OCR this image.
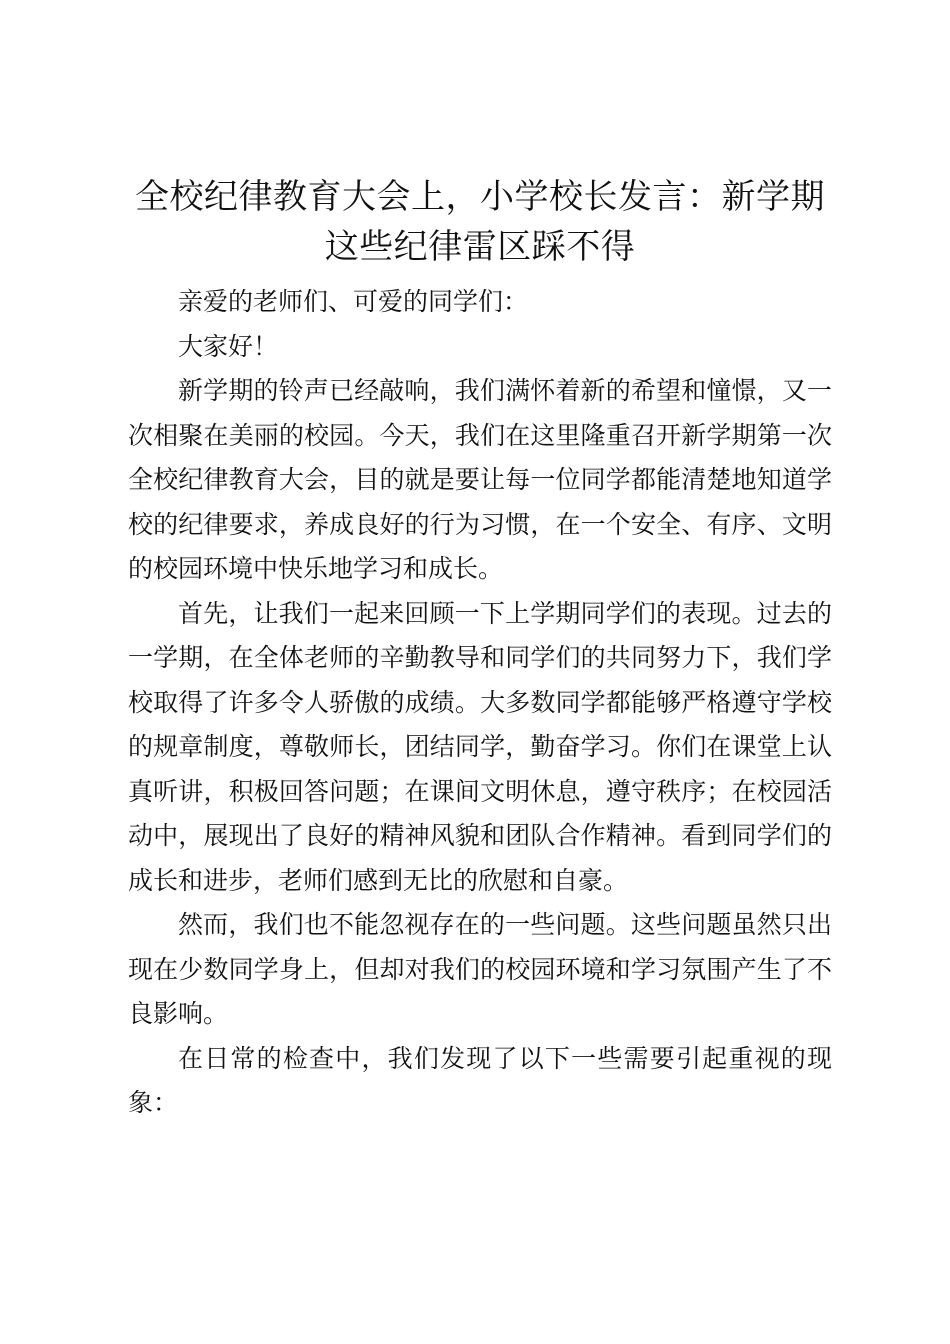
全校纪律教育大会上，小学校长发言：新学期
这些纪律雷区踩不得

亲爱的老师们、可爱的同学们：

大家好！

新学期的铃声已经敲响，我们满怀着新的希望和憧憬，又一次相聚在美丽的校园。今天，我们在这里隆重召开新学期第一次全校纪律教育大会，目的就是要让每一位同学都能清楚地知道学校的纪律要求，养成良好的行为习惯，在一个安全、有序、文明的校园环境中快乐地学习和成长。

首先，让我们一起来回顾一下上学期同学们的表现。过去的一学期，在全体老师的辛勤教导和同学们的共同努力下，我们学校取得了许多令人骄傲的成绩。大多数同学都能够严格遵守学校的规章制度，尊敬师长，团结同学，勤奋学习。你们在课堂上认真听讲，积极回答问题；在课间文明休息，遵守秩序；在校园活动中，展现出了良好的精神风貌和团队合作精神。看到同学们的成长和进步，老师们感到无比的欣慰和自豪。

然而，我们也不能忽视存在的一些问题。这些问题虽然只出现在少数同学身上，但却对我们的校园环境和学习氛围产生了不良影响。

在日常的检查中，我们发现了以下一些需要引起重视的现象：
